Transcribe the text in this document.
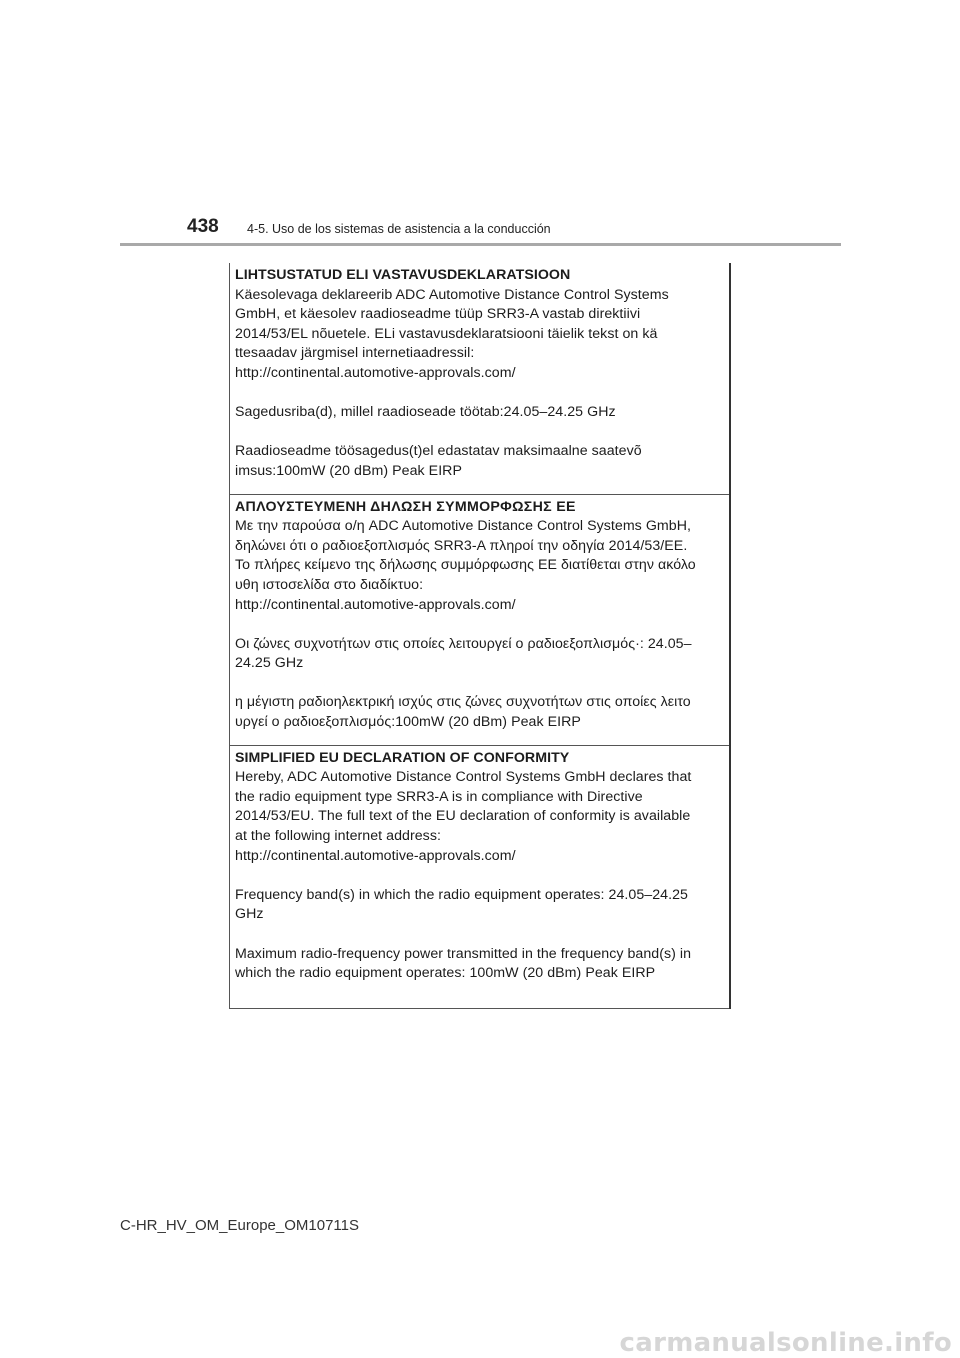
438 4-5. Uso de los sistemas de asistencia a la conducción

LIHTSUSTATUD ELI VASTAVUSDEKLARATSIOON

Käesolevaga deklareerib ADC Automotive Distance Control Systems

GmbH, et käesolev raadioseadme tüüp SRR3-A vastab direktiivi

2014/53/EL nõuetele. ELi vastavusdeklaratsiooni täielik tekst on kä

ttesaadav järgmisel internetiaadressil:

http://continental.automotive-approvals.com/

Sagedusriba(d), millel raadioseade töötab:24.05–24.25 GHz

Raadioseadme töösagedus(t)el edastatav maksimaalne saatevõ

imsus:100mW (20 dBm) Peak EIRP

ΑΠΛΟΥΣΤΕΥΜΕΝΗ ΔΗΛΩΣΗ ΣΥΜΜΟΡΦΩΣΗΣ ΕΕ

Με την παρούσα ο/η ADC Automotive Distance Control Systems GmbH,

δηλώνει ότι ο ραδιοεξοπλισμός SRR3-A πληροί την οδηγία 2014/53/ΕΕ.

Το πλήρες κείμενο της δήλωσης συμμόρφωσης ΕΕ διατίθεται στην ακόλο

υθη ιστοσελίδα στο διαδίκτυο:

http://continental.automotive-approvals.com/

Οι ζώνες συχνοτήτων στις οποίες λειτουργεί ο ραδιοεξοπλισμός·: 24.05–

24.25 GHz

η μέγιστη ραδιοηλεκτρική ισχύς στις ζώνες συχνοτήτων στις οποίες λειτο

υργεί ο ραδιοεξοπλισμός:100mW (20 dBm) Peak EIRP

SIMPLIFIED EU DECLARATION OF CONFORMITY

Hereby, ADC Automotive Distance Control Systems GmbH declares that

the radio equipment type SRR3-A is in compliance with Directive

2014/53/EU. The full text of the EU declaration of conformity is available

at the following internet address:

http://continental.automotive-approvals.com/

Frequency band(s) in which the radio equipment operates: 24.05–24.25

GHz

Maximum radio-frequency power transmitted in the frequency band(s) in

which the radio equipment operates: 100mW (20 dBm) Peak EIRP

C-HR_HV_OM_Europe_OM10711S
carmanualsonline.info
